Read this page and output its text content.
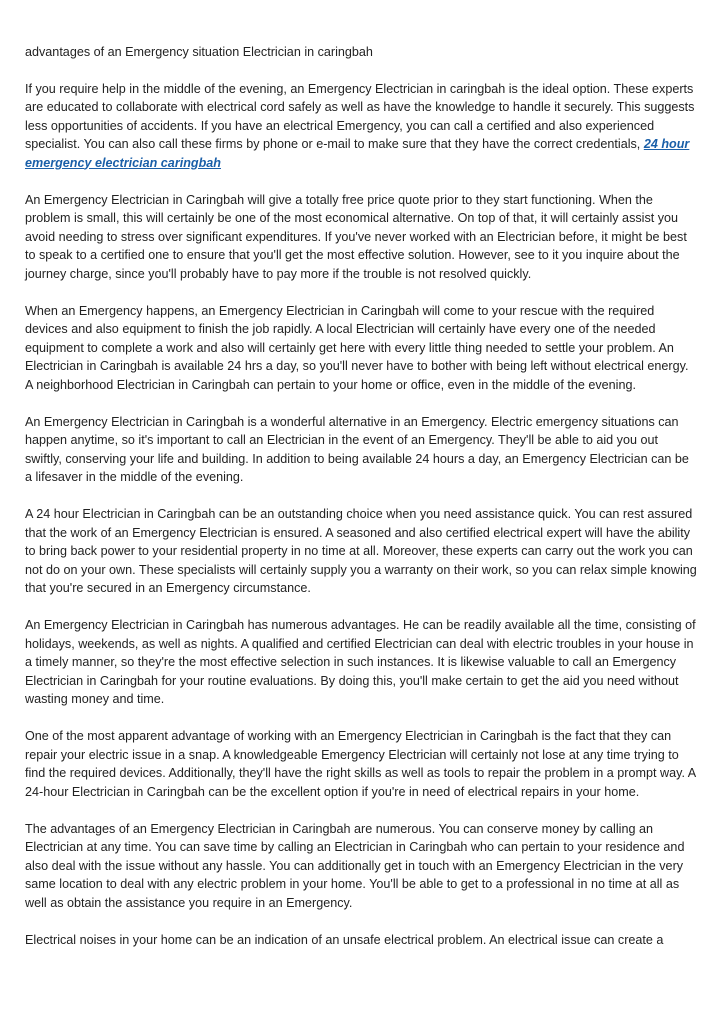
advantages of an Emergency situation Electrician in caringbah

If you require help in the middle of the evening, an Emergency Electrician in caringbah is the ideal option. These experts are educated to collaborate with electrical cord safely as well as have the knowledge to handle it securely. This suggests less opportunities of accidents. If you have an electrical Emergency, you can call a certified and also experienced specialist. You can also call these firms by phone or e-mail to make sure that they have the correct credentials, 24 hour emergency electrician caringbah

An Emergency Electrician in Caringbah will give a totally free price quote prior to they start functioning. When the problem is small, this will certainly be one of the most economical alternative. On top of that, it will certainly assist you avoid needing to stress over significant expenditures. If you've never worked with an Electrician before, it might be best to speak to a certified one to ensure that you'll get the most effective solution. However, see to it you inquire about the journey charge, since you'll probably have to pay more if the trouble is not resolved quickly.

When an Emergency happens, an Emergency Electrician in Caringbah will come to your rescue with the required devices and also equipment to finish the job rapidly. A local Electrician will certainly have every one of the needed equipment to complete a work and also will certainly get here with every little thing needed to settle your problem. An Electrician in Caringbah is available 24 hrs a day, so you'll never have to bother with being left without electrical energy. A neighborhood Electrician in Caringbah can pertain to your home or office, even in the middle of the evening.

An Emergency Electrician in Caringbah is a wonderful alternative in an Emergency. Electric emergency situations can happen anytime, so it's important to call an Electrician in the event of an Emergency. They'll be able to aid you out swiftly, conserving your life and building. In addition to being available 24 hours a day, an Emergency Electrician can be a lifesaver in the middle of the evening.

A 24 hour Electrician in Caringbah can be an outstanding choice when you need assistance quick. You can rest assured that the work of an Emergency Electrician is ensured. A seasoned and also certified electrical expert will have the ability to bring back power to your residential property in no time at all. Moreover, these experts can carry out the work you can not do on your own. These specialists will certainly supply you a warranty on their work, so you can relax simple knowing that you're secured in an Emergency circumstance.

An Emergency Electrician in Caringbah has numerous advantages. He can be readily available all the time, consisting of holidays, weekends, as well as nights. A qualified and certified Electrician can deal with electric troubles in your house in a timely manner, so they're the most effective selection in such instances. It is likewise valuable to call an Emergency Electrician in Caringbah for your routine evaluations. By doing this, you'll make certain to get the aid you need without wasting money and time.

One of the most apparent advantage of working with an Emergency Electrician in Caringbah is the fact that they can repair your electric issue in a snap. A knowledgeable Emergency Electrician will certainly not lose at any time trying to find the required devices. Additionally, they'll have the right skills as well as tools to repair the problem in a prompt way. A 24-hour Electrician in Caringbah can be the excellent option if you're in need of electrical repairs in your home.

The advantages of an Emergency Electrician in Caringbah are numerous. You can conserve money by calling an Electrician at any time. You can save time by calling an Electrician in Caringbah who can pertain to your residence and also deal with the issue without any hassle. You can additionally get in touch with an Emergency Electrician in the very same location to deal with any electric problem in your home. You'll be able to get to a professional in no time at all as well as obtain the assistance you require in an Emergency.

Electrical noises in your home can be an indication of an unsafe electrical problem. An electrical issue can create a
